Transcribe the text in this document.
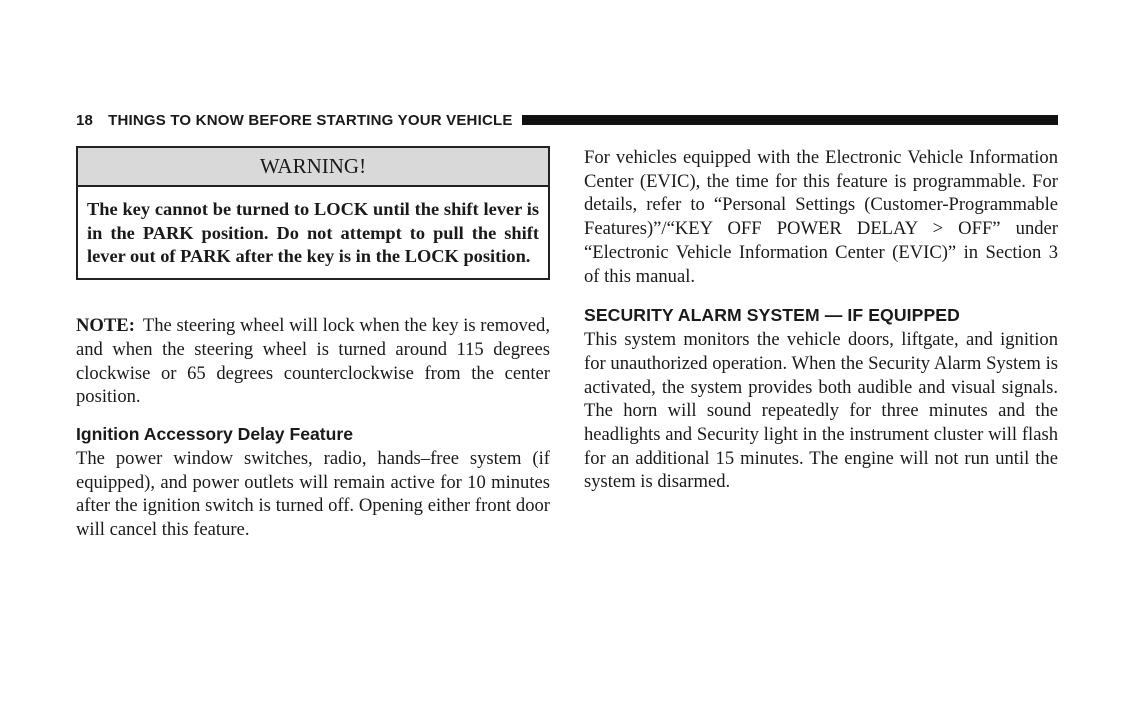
18 THINGS TO KNOW BEFORE STARTING YOUR VEHICLE
WARNING!
The key cannot be turned to LOCK until the shift lever is in the PARK position. Do not attempt to pull the shift lever out of PARK after the key is in the LOCK position.

NOTE: The steering wheel will lock when the key is removed, and when the steering wheel is turned around 115 degrees clockwise or 65 degrees counterclockwise from the center position.

Ignition Accessory Delay Feature

The power window switches, radio, hands–free system (if equipped), and power outlets will remain active for 10 minutes after the ignition switch is turned off. Opening either front door will cancel this feature.

For vehicles equipped with the Electronic Vehicle Information Center (EVIC), the time for this feature is programmable. For details, refer to “Personal Settings (Customer-Programmable Features)”/“KEY OFF POWER DELAY > OFF” under “Electronic Vehicle Information Center (EVIC)” in Section 3 of this manual.

SECURITY ALARM SYSTEM — IF EQUIPPED

This system monitors the vehicle doors, liftgate, and ignition for unauthorized operation. When the Security Alarm System is activated, the system provides both audible and visual signals. The horn will sound repeatedly for three minutes and the headlights and Security light in the instrument cluster will flash for an additional 15 minutes. The engine will not run until the system is disarmed.
